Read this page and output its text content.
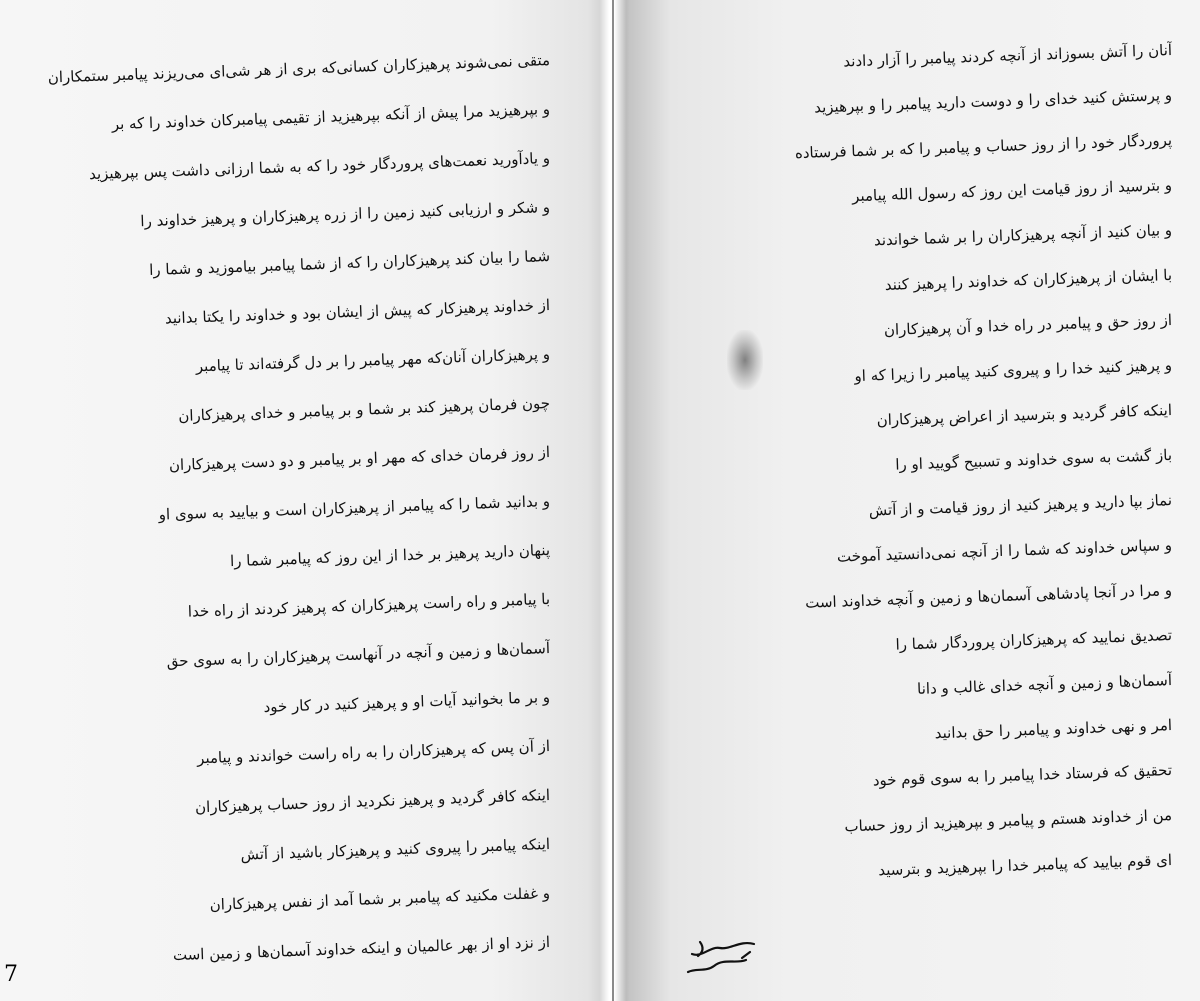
متقی نمی‌شوند پرهیزکاران کسانی‌که بری از هر شی‌ای می‌ریزند پیامبر ستمکاران
و بپرهیزید مرا پیش از آنکه بپرهیزید از تقیمی پیامبرکان خداوند را که بر
و یادآورید نعمت‌های پروردگار خود را که به شما ارزانی داشت پس بپرهیزید
و شکر و ارزیابی کنید زمین را از زره پرهیزکاران و پرهیز خداوند را
شما را بیان کند پرهیزکاران را که از شما پیامبر بیاموزید و شما را
از خداوند پرهیزکار که پیش از ایشان بود و خداوند را یکتا بدانید
و پرهیزکاران آنان‌که مهر پیامبر را بر دل گرفته‌اند تا پیامبر
چون فرمان پرهیز کند بر شما و بر پیامبر و خدای پرهیزکاران
از روز فرمان خدای که مهر او بر پیامبر و دو دست پرهیزکاران
و بدانید شما را که پیامبر از پرهیزکاران است و بیایید به سوی او
پنهان دارید پرهیز بر خدا از این روز که پیامبر شما را
با پیامبر و راه راست پرهیزکاران که پرهیز کردند از راه خدا
آسمان‌ها و زمین و آنچه در آنهاست پرهیزکاران را به سوی حق
و بر ما بخوانید آیات او و پرهیز کنید در کار خود
از آن پس که پرهیزکاران را به راه راست خواندند و پیامبر
اینکه کافر گردید و پرهیز نکردید از روز حساب پرهیزکاران
اینکه پیامبر را پیروی کنید و پرهیزکار باشید از آتش
و غفلت مکنید که پیامبر بر شما آمد از نفس پرهیزکاران
از نزد او از بهر عالمیان و اینکه خداوند آسمان‌ها و زمین است
7
آنان را آتش بسوزاند از آنچه کردند پیامبر را آزار دادند
و پرستش کنید خدای را و دوست دارید پیامبر را و بپرهیزید
پروردگار خود را از روز حساب و پیامبر را که بر شما فرستاده
و بترسید از روز قیامت این روز که رسول الله پیامبر
و بیان کنید از آنچه پرهیزکاران را بر شما خواندند
با ایشان از پرهیزکاران که خداوند را پرهیز کنند
از روز حق و پیامبر در راه خدا و آن پرهیزکاران
و پرهیز کنید خدا را و پیروی کنید پیامبر را زیرا که او
اینکه کافر گردید و بترسید از اعراض پرهیزکاران
باز گشت به سوی خداوند و تسبیح گویید او را
نماز بپا دارید و پرهیز کنید از روز قیامت و از آتش
و سپاس خداوند که شما را از آنچه نمی‌دانستید آموخت
و مرا در آنجا پادشاهی آسمان‌ها و زمین و آنچه خداوند است
تصدیق نمایید که پرهیزکاران پروردگار شما را
آسمان‌ها و زمین و آنچه خدای غالب و دانا
امر و نهی خداوند و پیامبر را حق بدانید
تحقیق که فرستاد خدا پیامبر را به سوی قوم خود
من از خداوند هستم و پیامبر و بپرهیزید از روز حساب
ای قوم بیایید که پیامبر خدا را بپرهیزید و بترسید
